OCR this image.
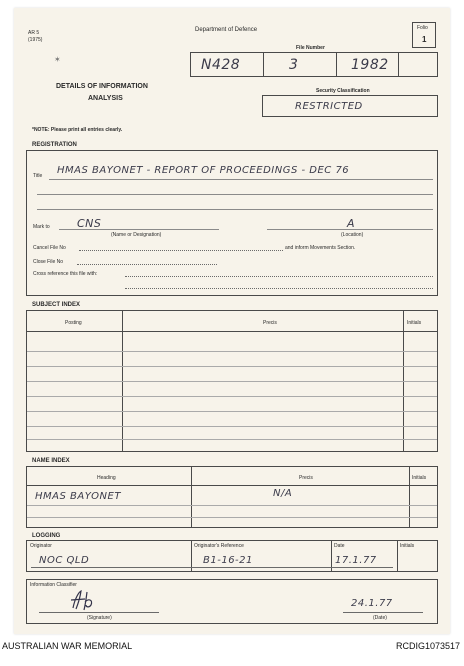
AR 5
(1975)
✶
Department of Defence	Folio
1
File Number
N428	3	1982
DETAILS OF INFORMATION
ANALYSIS
Security Classification
RESTRICTED
*NOTE: Please print all entries clearly.
REGISTRATION
Title HMAS BAYONET - REPORT OF PROCEEDINGS - DEC 76
Mark to CNS
(Name or Designation)
A
(Location)
Cancel File No	and inform Movements Section.
Close File No
Cross reference this file with:
SUBJECT INDEX
Posting	Precis	Initials
NAME INDEX
Heading	Precis	Initials
HMAS BAYONET	N/A
LOGGING
Originator	Originator's Reference	Date	Initials
NOC QLD	B1-16-21	17.1.77
Information Classifier
(Signature)
24.1.77
(Date)
AUSTRALIAN WAR MEMORIAL	RCDIG1073517
